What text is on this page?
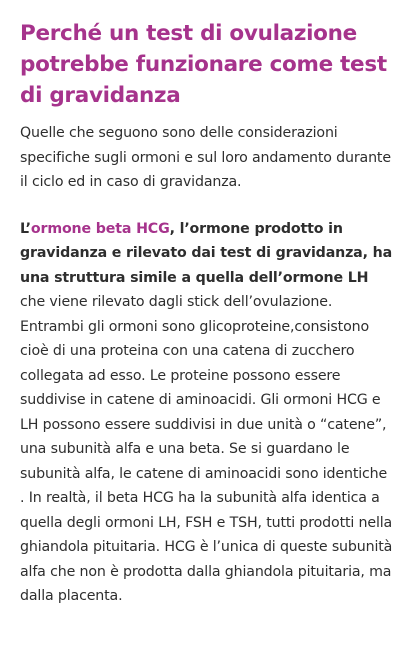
Perché un test di ovulazione potrebbe funzionare come test di gravidanza

Quelle che seguono sono delle considerazioni specifiche sugli ormoni e sul loro andamento durante il ciclo ed in caso di gravidanza.

L’ormone beta HCG, l’ormone prodotto in gravidanza e rilevato dai test di gravidanza, ha una struttura simile a quella dell’ormone LH che viene rilevato dagli stick dell’ovulazione. Entrambi gli ormoni sono glicoproteine,consistono cioè di una proteina con una catena di zucchero collegata ad esso. Le proteine possono essere suddivise in catene di aminoacidi. Gli ormoni HCG e LH possono essere suddivisi in due unità o “catene”, una subunità alfa e una beta. Se si guardano le subunità alfa, le catene di aminoacidi sono identiche . In realtà, il beta HCG ha la subunità alfa identica a quella degli ormoni LH, FSH e TSH, tutti prodotti nella ghiandola pituitaria. HCG è l’unica di queste subunità alfa che non è prodotta dalla ghiandola pituitaria, ma dalla placenta.
